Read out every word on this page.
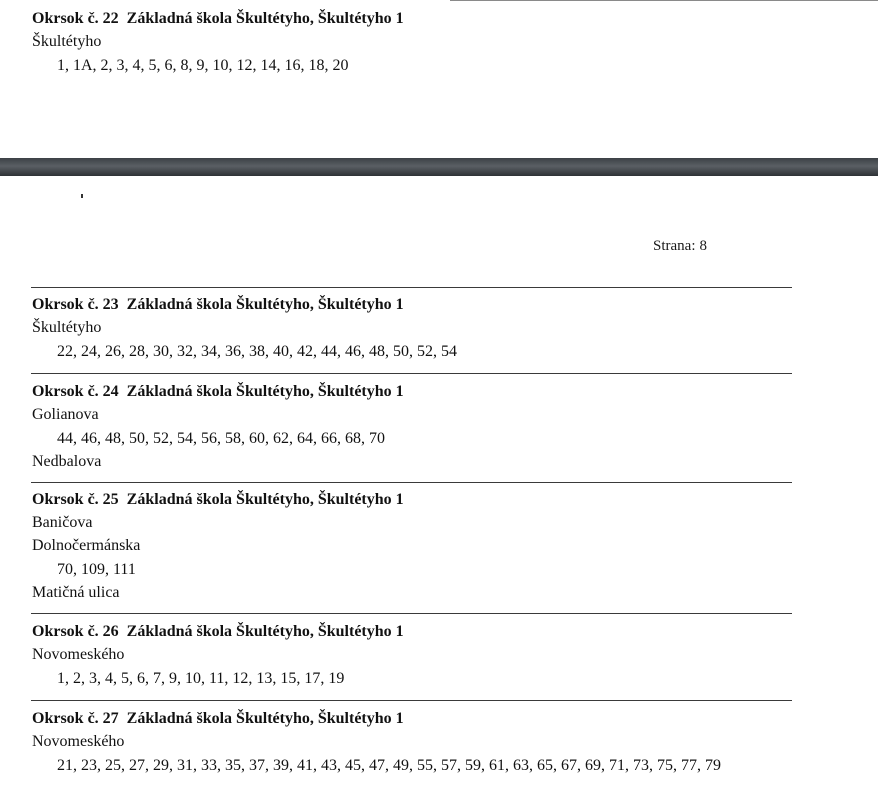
Okrsok č. 22 Základná škola Škultétyho, Škultétyho 1
Škultétyho
1, 1A, 2, 3, 4, 5, 6, 8, 9, 10, 12, 14, 16, 18, 20
Strana: 8
Okrsok č. 23 Základná škola Škultétyho, Škultétyho 1
Škultétyho
22, 24, 26, 28, 30, 32, 34, 36, 38, 40, 42, 44, 46, 48, 50, 52, 54
Okrsok č. 24 Základná škola Škultétyho, Škultétyho 1
Golianova
44, 46, 48, 50, 52, 54, 56, 58, 60, 62, 64, 66, 68, 70
Nedbalova
Okrsok č. 25 Základná škola Škultétyho, Škultétyho 1
Baničova
Dolnočermánska
70, 109, 111
Matičná ulica
Okrsok č. 26 Základná škola Škultétyho, Škultétyho 1
Novomeského
1, 2, 3, 4, 5, 6, 7, 9, 10, 11, 12, 13, 15, 17, 19
Okrsok č. 27 Základná škola Škultétyho, Škultétyho 1
Novomeského
21, 23, 25, 27, 29, 31, 33, 35, 37, 39, 41, 43, 45, 47, 49, 55, 57, 59, 61, 63, 65, 67, 69, 71, 73, 75, 77, 79
